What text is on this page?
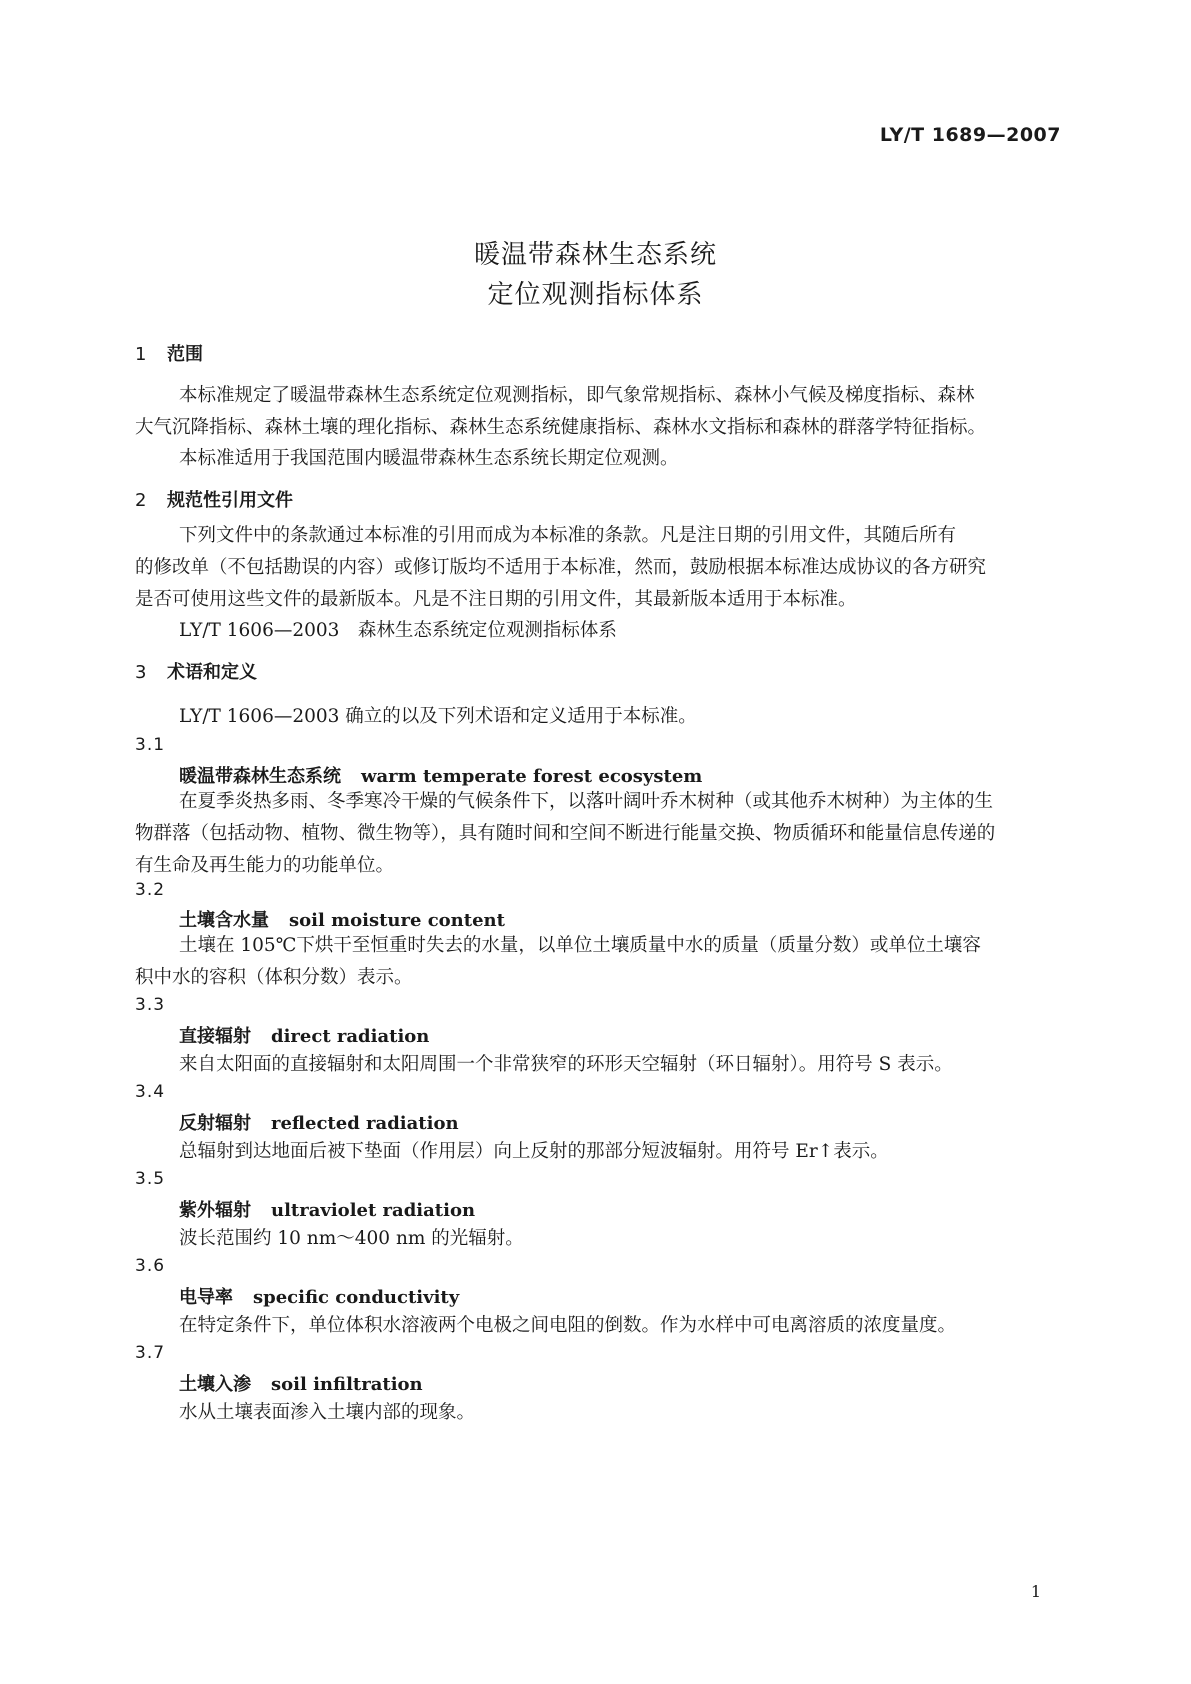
LY/T 1689—2007
暖温带森林生态系统
定位观测指标体系
1 范围
本标准规定了暖温带森林生态系统定位观测指标，即气象常规指标、森林小气候及梯度指标、森林
大气沉降指标、森林土壤的理化指标、森林生态系统健康指标、森林水文指标和森林的群落学特征指标。
本标准适用于我国范围内暖温带森林生态系统长期定位观测。
2 规范性引用文件
下列文件中的条款通过本标准的引用而成为本标准的条款。凡是注日期的引用文件，其随后所有
的修改单（不包括勘误的内容）或修订版均不适用于本标准，然而，鼓励根据本标准达成协议的各方研究
是否可使用这些文件的最新版本。凡是不注日期的引用文件，其最新版本适用于本标准。
LY/T 1606—2003　森林生态系统定位观测指标体系
3 术语和定义
LY/T 1606—2003 确立的以及下列术语和定义适用于本标准。
3.1
暖温带森林生态系统 warm temperate forest ecosystem
在夏季炎热多雨、冬季寒冷干燥的气候条件下，以落叶阔叶乔木树种（或其他乔木树种）为主体的生
物群落（包括动物、植物、微生物等），具有随时间和空间不断进行能量交换、物质循环和能量信息传递的
有生命及再生能力的功能单位。
3.2
土壤含水量 soil moisture content
土壤在 105℃下烘干至恒重时失去的水量，以单位土壤质量中水的质量（质量分数）或单位土壤容
积中水的容积（体积分数）表示。
3.3
直接辐射 direct radiation
来自太阳面的直接辐射和太阳周围一个非常狭窄的环形天空辐射（环日辐射）。用符号 S 表示。
3.4
反射辐射 reflected radiation
总辐射到达地面后被下垫面（作用层）向上反射的那部分短波辐射。用符号 Er↑表示。
3.5
紫外辐射 ultraviolet radiation
波长范围约 10 nm～400 nm 的光辐射。
3.6
电导率 specific conductivity
在特定条件下，单位体积水溶液两个电极之间电阻的倒数。作为水样中可电离溶质的浓度量度。
3.7
土壤入渗 soil infiltration
水从土壤表面渗入土壤内部的现象。
1
